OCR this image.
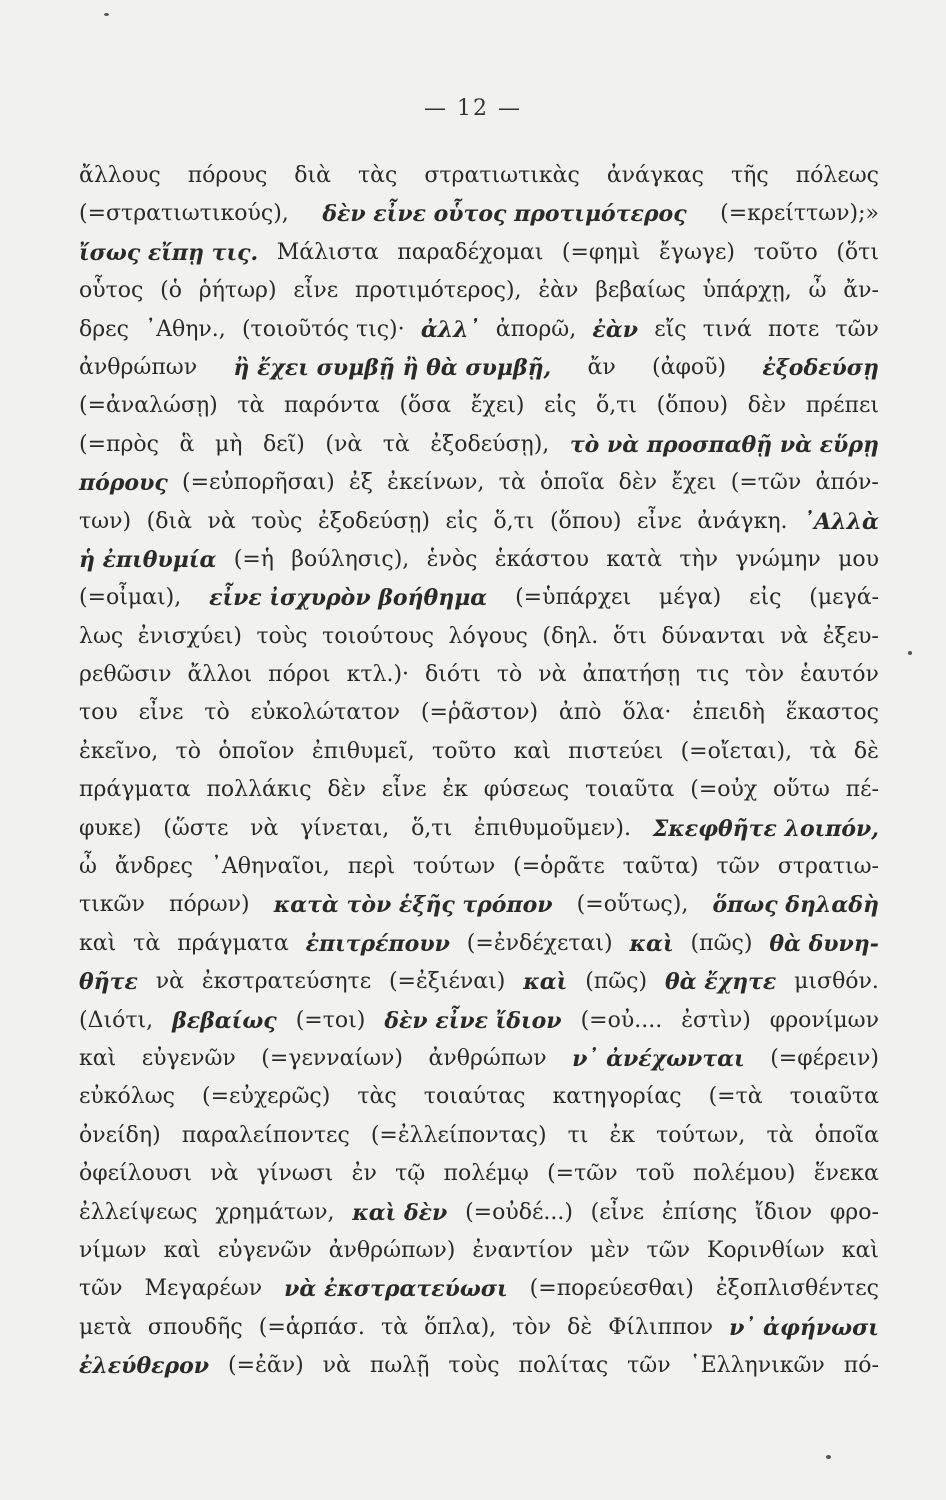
— 12 —
ἄλλους πόρους διὰ τὰς στρατιωτικὰς ἀνάγκας τῆς πόλεως
(=στρατιωτικούς), δὲν εἶνε οὗτος προτιμότερος (=κρείττων);»
ἴσως εἴπῃ τις. Μάλιστα παραδέχομαι (=φημὶ ἔγωγε) τοῦτο (ὅτι
οὗτος (ὁ ῥήτωρ) εἶνε προτιμότερος), ἐὰν βεβαίως ὑπάρχῃ, ὦ ἄν-
δρες ᾿Αθην., (τοιοῦτός τις)· ἀλλ᾿ ἀπορῶ, ἐὰν εἴς τινά ποτε τῶν
ἀνθρώπων ἢ ἔχει συμβῇ ἢ θὰ συμβῇ, ἄν (ἀφοῦ) ἐξοδεύσῃ
(=ἀναλώσῃ) τὰ παρόντα (ὅσα ἔχει) εἰς ὅ,τι (ὅπου) δὲν πρέπει
(=πρὸς ἃ μὴ δεῖ) (νὰ τὰ ἐξοδεύσῃ), τὸ νὰ προσπαθῇ νὰ εὕρῃ
πόρους (=εὐπορῆσαι) ἐξ ἐκείνων, τὰ ὁποῖα δὲν ἔχει (=τῶν ἀπόν-
των) (διὰ νὰ τοὺς ἐξοδεύσῃ) εἰς ὅ,τι (ὅπου) εἶνε ἀνάγκη. ᾿Αλλὰ
ἡ ἐπιθυμία (=ἡ βούλησις), ἑνὸς ἑκάστου κατὰ τὴν γνώμην μου
(=οἶμαι), εἶνε ἰσχυρὸν βοήθημα (=ὑπάρχει μέγα) εἰς (μεγά-
λως ἐνισχύει) τοὺς τοιούτους λόγους (δηλ. ὅτι δύνανται νὰ ἐξευ-
ρεθῶσιν ἄλλοι πόροι κτλ.)· διότι τὸ νὰ ἀπατήσῃ τις τὸν ἑαυτόν
του εἶνε τὸ εὐκολώτατον (=ῥᾶστον) ἀπὸ ὅλα· ἐπειδὴ ἕκαστος
ἐκεῖνο, τὸ ὁποῖον ἐπιθυμεῖ, τοῦτο καὶ πιστεύει (=οἴεται), τὰ δὲ
πράγματα πολλάκις δὲν εἶνε ἐκ φύσεως τοιαῦτα (=οὐχ οὕτω πέ-
φυκε) (ὥστε νὰ γίνεται, ὅ,τι ἐπιθυμοῦμεν). Σκεφθῆτε λοιπόν,
ὦ ἄνδρες ᾿Αθηναῖοι, περὶ τούτων (=ὁρᾶτε ταῦτα) τῶν στρατιω-
τικῶν πόρων) κατὰ τὸν ἑξῆς τρόπον (=οὕτως), ὅπως δηλαδὴ
καὶ τὰ πράγματα ἐπιτρέπουν (=ἐνδέχεται) καὶ (πῶς) θὰ δυνη-
θῆτε νὰ ἐκστρατεύσητε (=ἐξιέναι) καὶ (πῶς) θὰ ἔχητε μισθόν.
(Διότι, βεβαίως (=τοι) δὲν εἶνε ἴδιον (=οὐ.... ἐστὶν) φρονίμων
καὶ εὐγενῶν (=γενναίων) ἀνθρώπων ν᾿ ἀνέχωνται (=φέρειν)
εὐκόλως (=εὐχερῶς) τὰς τοιαύτας κατηγορίας (=τὰ τοιαῦτα
ὀνείδη) παραλείποντες (=ἐλλείποντας) τι ἐκ τούτων, τὰ ὁποῖα
ὀφείλουσι νὰ γίνωσι ἐν τῷ πολέμῳ (=τῶν τοῦ πολέμου) ἕνεκα
ἐλλείψεως χρημάτων, καὶ δὲν (=οὐδέ...) (εἶνε ἐπίσης ἴδιον φρο-
νίμων καὶ εὐγενῶν ἀνθρώπων) ἐναντίον μὲν τῶν Κορινθίων καὶ
τῶν Μεγαρέων νὰ ἐκστρατεύωσι (=πορεύεσθαι) ἐξοπλισθέντες
μετὰ σπουδῆς (=ἁρπάσ. τὰ ὅπλα), τὸν δὲ Φίλιππον ν᾿ ἀφήνωσι
ἐλεύθερον (=ἐᾶν) νὰ πωλῇ τοὺς πολίτας τῶν ῾Ελληνικῶν πό-
